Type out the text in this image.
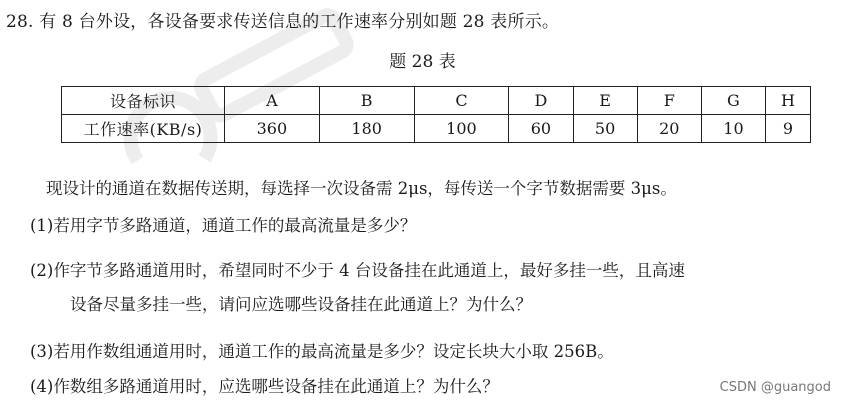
28. 有 8 台外设，各设备要求传送信息的工作速率分别如题 28 表所示。
题 28 表
设备标识	A	B	C	D	E	F	G	H
工作速率(KB/s)	360	180	100	60	50	20	10	9
现设计的通道在数据传送期，每选择一次设备需 2μs，每传送一个字节数据需要 3μs。
(1)若用字节多路通道，通道工作的最高流量是多少？
(2)作字节多路通道用时，希望同时不少于 4 台设备挂在此通道上，最好多挂一些，且高速
设备尽量多挂一些，请问应选哪些设备挂在此通道上？为什么？
(3)若用作数组通道用时，通道工作的最高流量是多少？设定长块大小取 256B。
(4)作数组多路通道用时，应选哪些设备挂在此通道上？为什么？	CSDN @guangod
